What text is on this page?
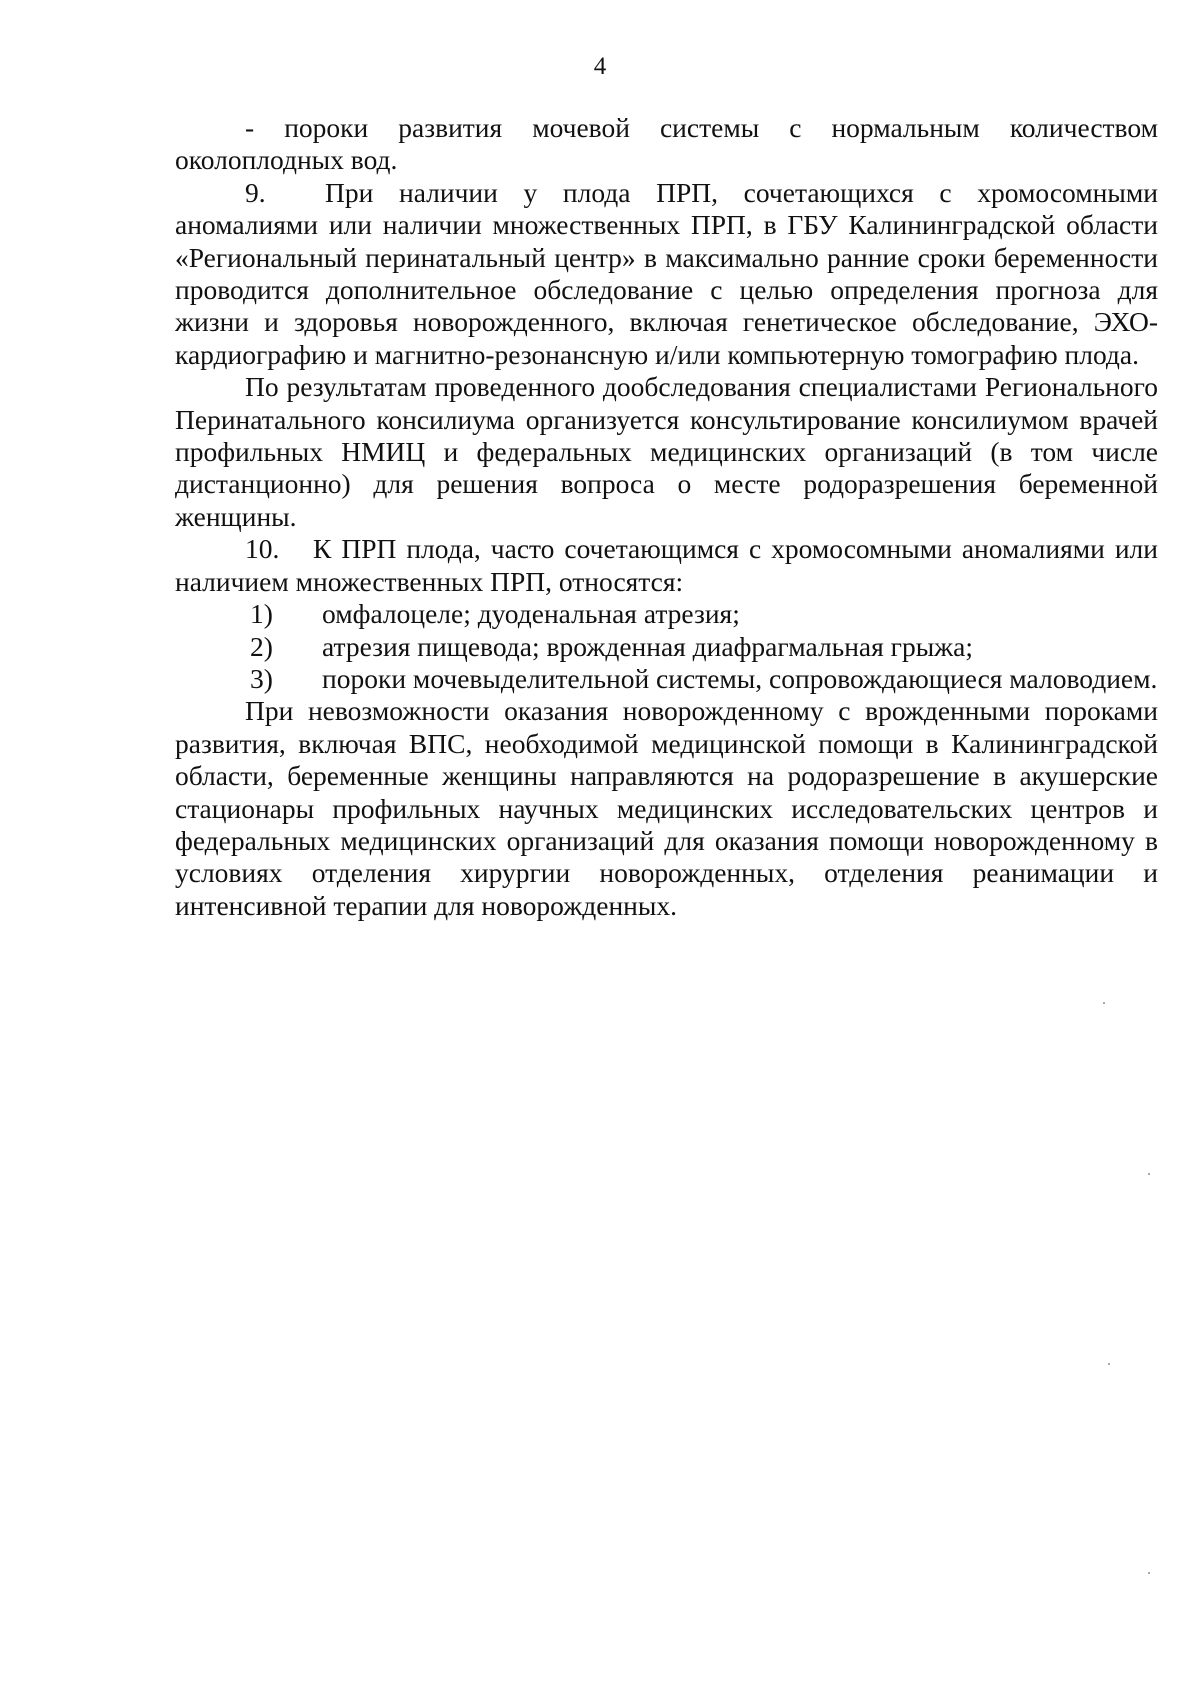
4

- пороки развития мочевой системы с нормальным количеством околоплодных вод.

9. При наличии у плода ПРП, сочетающихся с хромосомными аномалиями или наличии множественных ПРП, в ГБУ Калининградской области «Региональный перинатальный центр» в максимально ранние сроки беременности проводится дополнительное обследование с целью определения прогноза для жизни и здоровья новорожденного, включая генетическое обследование, ЭХО-кардиографию и магнитно-резонансную и/или компьютерную томографию плода.

По результатам проведенного дообследования специалистами Регионального Перинатального консилиума организуется консультирование консилиумом врачей профильных НМИЦ и федеральных медицинских организаций (в том числе дистанционно) для решения вопроса о месте родоразрешения беременной женщины.

10. К ПРП плода, часто сочетающимся с хромосомными аномалиями или наличием множественных ПРП, относятся:

1) омфалоцеле; дуоденальная атрезия;

2) атрезия пищевода; врожденная диафрагмальная грыжа;

3) пороки мочевыделительной системы, сопровождающиеся маловодием.

При невозможности оказания новорожденному с врожденными пороками развития, включая ВПС, необходимой медицинской помощи в Калининградской области, беременные женщины направляются на родоразрешение в акушерские стационары профильных научных медицинских исследовательских центров и федеральных медицинских организаций для оказания помощи новорожденному в условиях отделения хирургии новорожденных, отделения реанимации и интенсивной терапии для новорожденных.
